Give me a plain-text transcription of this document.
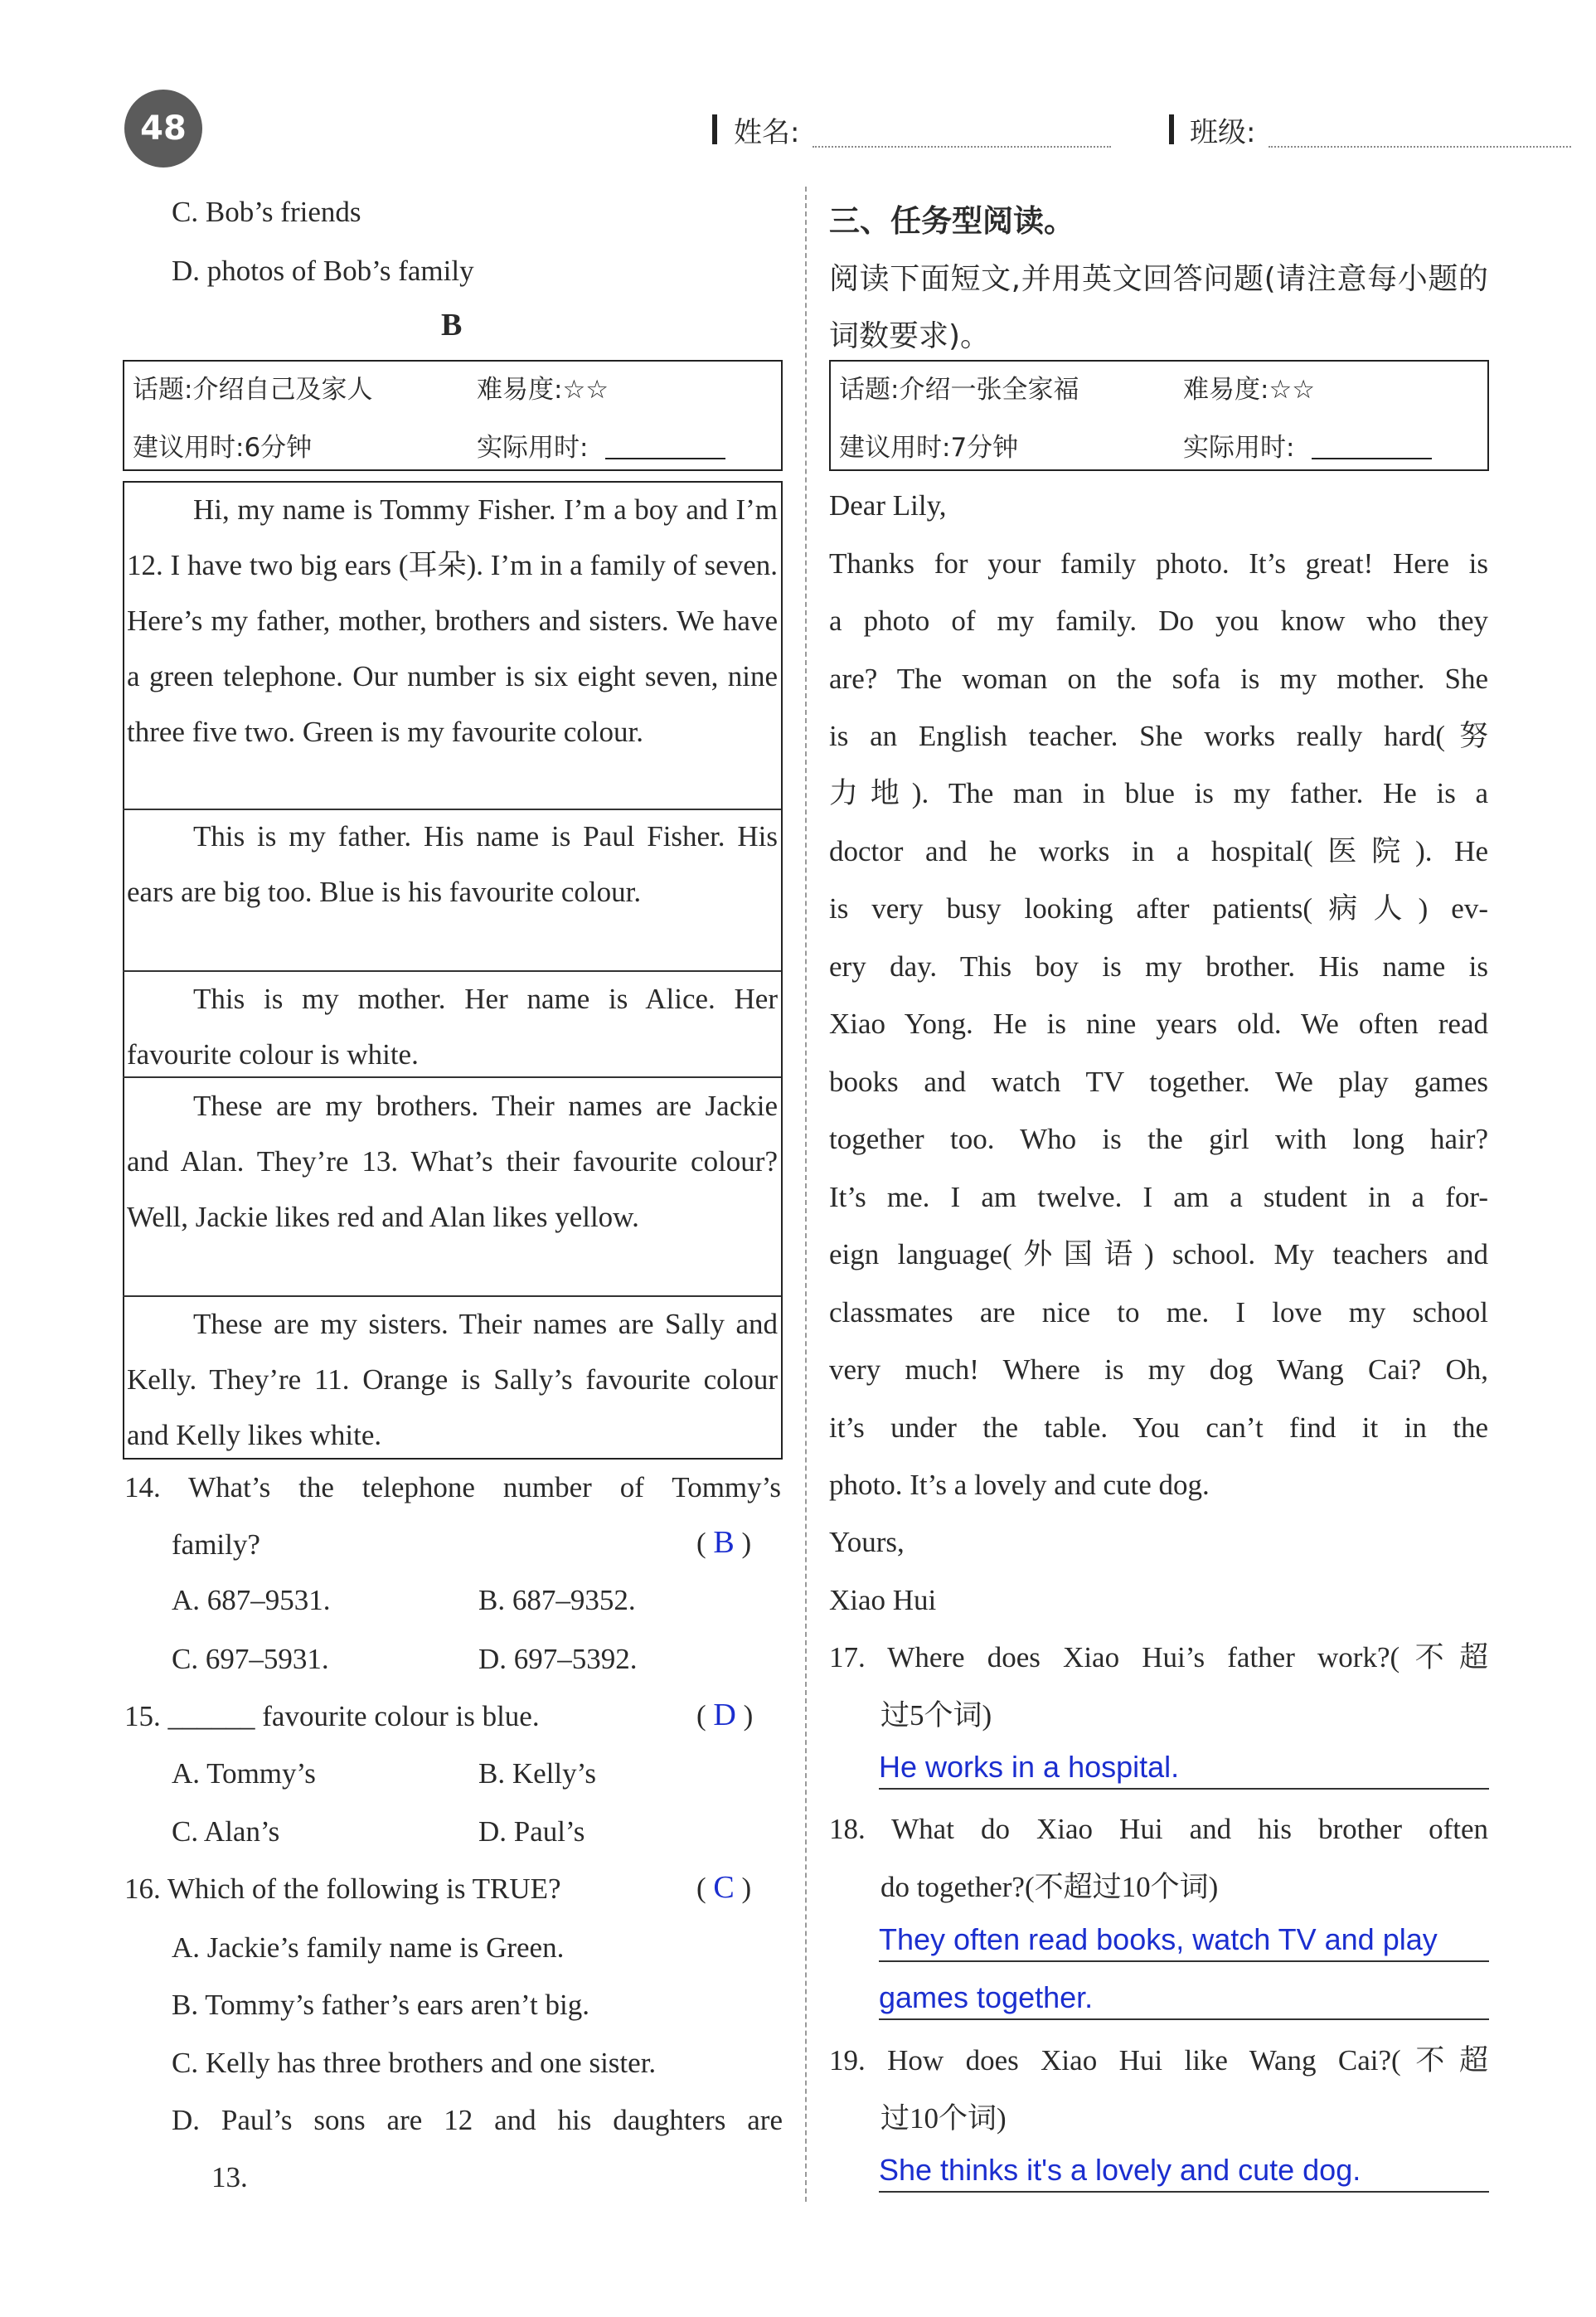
48	姓名:	班级:
C. Bob’s friends
D. photos of Bob’s family
B
话题:介绍自己及家人	难易度:☆☆
建议用时:6分钟	实际用时:

Hi, my name is Tommy Fisher. I’m a boy and I’m 12. I have two big ears (耳朵). I’m in a family of seven. Here’s my father, mother, brothers and sisters. We have a green telephone. Our number is six eight seven, nine three five two. Green is my favourite colour.

This is my father. His name is Paul Fisher. His ears are big too. Blue is his favourite colour.

This is my mother. Her name is Alice. Her favourite colour is white.

These are my brothers. Their names are Jackie and Alan. They’re 13. What’s their favourite colour? Well, Jackie likes red and Alan likes yellow.

These are my sisters. Their names are Sally and Kelly. They’re 11. Orange is Sally’s favourite colour and Kelly likes white.

14. What’s the telephone number of Tommy’s
family?	( B )
A. 687–9531.	B. 687–9352.
C. 697–5931.	D. 697–5392.
15. ______ favourite colour is blue.	( D )
A. Tommy’s	B. Kelly’s
C. Alan’s	D. Paul’s
16. Which of the following is TRUE?	( C )
A. Jackie’s family name is Green.
B. Tommy’s father’s ears aren’t big.
C. Kelly has three brothers and one sister.
D. Paul’s sons are 12 and his daughters are
13.
三、任务型阅读。
阅读下面短文,并用英文回答问题(请注意每小题的词数要求)。
话题:介绍一张全家福	难易度:☆☆
建议用时:7分钟	实际用时:
Dear Lily,
Thanks for your family photo. It’s great! Here is
a photo of my family. Do you know who they
are? The woman on the sofa is my mother. She
is an English teacher. She works really hard(努
力地). The man in blue is my father. He is a
doctor and he works in a hospital(医院). He
is very busy looking after patients(病人) ev-
ery day. This boy is my brother. His name is
Xiao Yong. He is nine years old. We often read
books and watch TV together. We play games
together too. Who is the girl with long hair?
It’s me. I am twelve. I am a student in a for-
eign language(外国语) school. My teachers and
classmates are nice to me. I love my school
very much! Where is my dog Wang Cai? Oh,
it’s under the table. You can’t find it in the
photo. It’s a lovely and cute dog.
Yours,
Xiao Hui
17. Where does Xiao Hui’s father work?(不超
过5个词)
He works in a hospital.
18. What do Xiao Hui and his brother often
do together?(不超过10个词)
They often read books, watch TV and play
games together.
19. How does Xiao Hui like Wang Cai?(不超
过10个词)
She thinks it's a lovely and cute dog.
